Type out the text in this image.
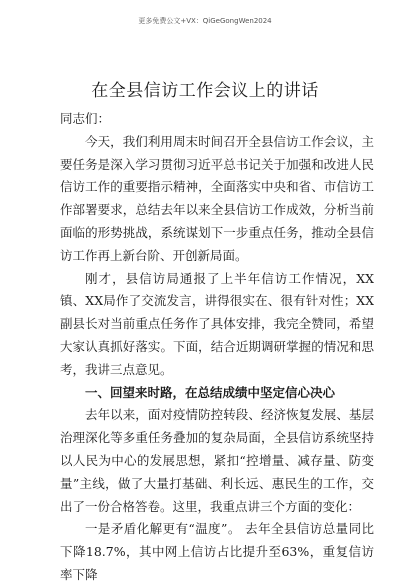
更多免费公文+VX：QiGeGongWen2024
在全县信访工作会议上的讲话

同志们：

今天，我们利用周末时间召开全县信访工作会议，主要任务是深入学习贯彻习近平总书记关于加强和改进人民信访工作的重要指示精神，全面落实中央和省、市信访工作部署要求，总结去年以来全县信访工作成效，分析当前面临的形势挑战，系统谋划下一步重点任务，推动全县信访工作再上新台阶、开创新局面。

刚才，县信访局通报了上半年信访工作情况，XX镇、XX局作了交流发言，讲得很实在、很有针对性；XX副县长对当前重点任务作了具体安排，我完全赞同，希望大家认真抓好落实。下面，结合近期调研掌握的情况和思考，我讲三点意见。

一、回望来时路，在总结成绩中坚定信心决心

去年以来，面对疫情防控转段、经济恢复发展、基层治理深化等多重任务叠加的复杂局面，全县信访系统坚持以人民为中心的发展思想，紧扣“控增量、减存量、防变量”主线，做了大量打基础、利长远、惠民生的工作，交出了一份合格答卷。这里，我重点讲三个方面的变化：

一是矛盾化解更有“温度”。 去年全县信访总量同比下降18.7%，其中网上信访占比提升至63%，重复信访率下降
